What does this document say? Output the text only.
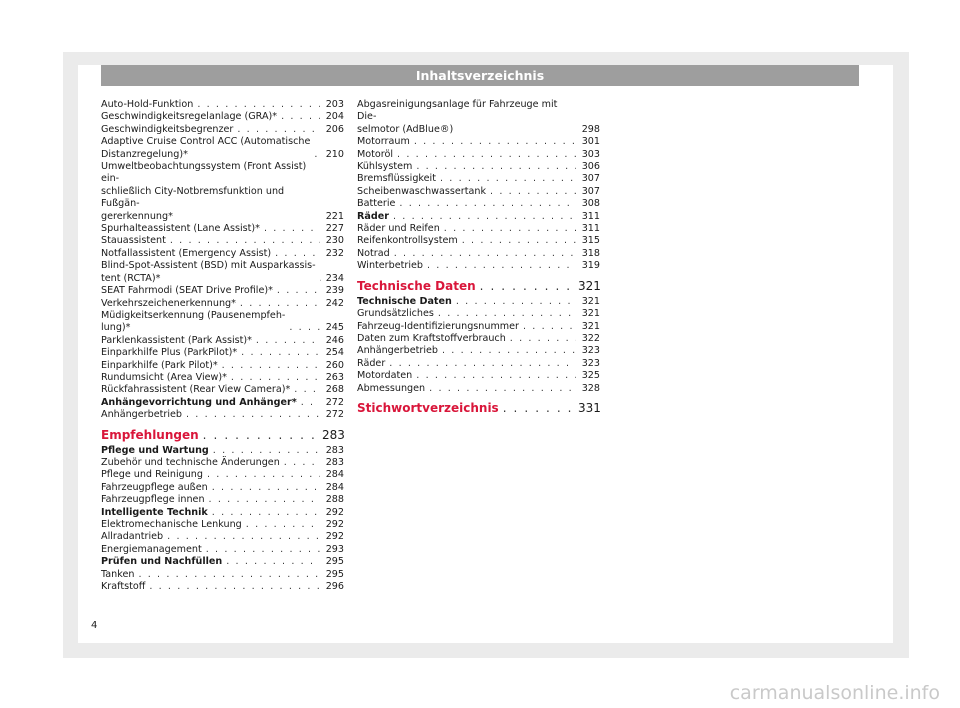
Inhaltsverzeichnis
Auto-Hold-Funktion . . .	203
Geschwindigkeitsregelanlage (GRA)* . . .	204
Geschwindigkeitsbegrenzer . . .	206
Adaptive Cruise Control ACC (Automatische
Distanzregelung)* . . .	210
Umweltbeobachtungssystem (Front Assist) ein-
schließlich City-Notbremsfunktion und Fußgän-
gererkennung*	221
Spurhalteassistent (Lane Assist)* . . .	227
Stauassistent . . .	230
Notfallassistent (Emergency Assist) . . .	232
Blind-Spot-Assistent (BSD) mit Ausparkassis-
tent (RCTA)* . . .	234
SEAT Fahrmodi (SEAT Drive Profile)* . . .	239
Verkehrszeichenerkennung* . . .	242
Müdigkeitserkennung (Pausenempfeh-
lung)* . . .	245
Parklenkassistent (Park Assist)* . . .	246
Einparkhilfe Plus (ParkPilot)* . . .	254
Einparkhilfe (Park Pilot)* . . .	260
Rundumsicht (Area View)* . . .	263
Rückfahrassistent (Rear View Camera)* . . .	268
Anhängevorrichtung und Anhänger* . . .	272
Anhängerbetrieb . . .	272
Empfehlungen . . .	283
Pflege und Wartung . . .	283
Zubehör und technische Änderungen . . .	283
Pflege und Reinigung . . .	284
Fahrzeugpflege außen . . .	284
Fahrzeugpflege innen . . .	288
Intelligente Technik . . .	292
Elektromechanische Lenkung . . .	292
Allradantrieb . . .	292
Energiemanagement . . .	293
Prüfen und Nachfüllen . . .	295
Tanken . . .	295
Kraftstoff . . .	296
Abgasreinigungsanlage für Fahrzeuge mit Die-
selmotor (AdBlue®)	298
Motorraum . . .	301
Motoröl . . .	303
Kühlsystem . . .	306
Bremsflüssigkeit . . .	307
Scheibenwaschwassertank . . .	307
Batterie . . .	308
Räder . . .	311
Räder und Reifen . . .	311
Reifenkontrollsystem . . .	315
Notrad . . .	318
Winterbetrieb . . .	319
Technische Daten . . .	321
Technische Daten . . .	321
Grundsätzliches . . .	321
Fahrzeug-Identifizierungsnummer . . .	321
Daten zum Kraftstoffverbrauch . . .	322
Anhängerbetrieb . . .	323
Räder . . .	323
Motordaten . . .	325
Abmessungen . . .	328
Stichwortverzeichnis . . .	331
4
carmanualsonline.info
